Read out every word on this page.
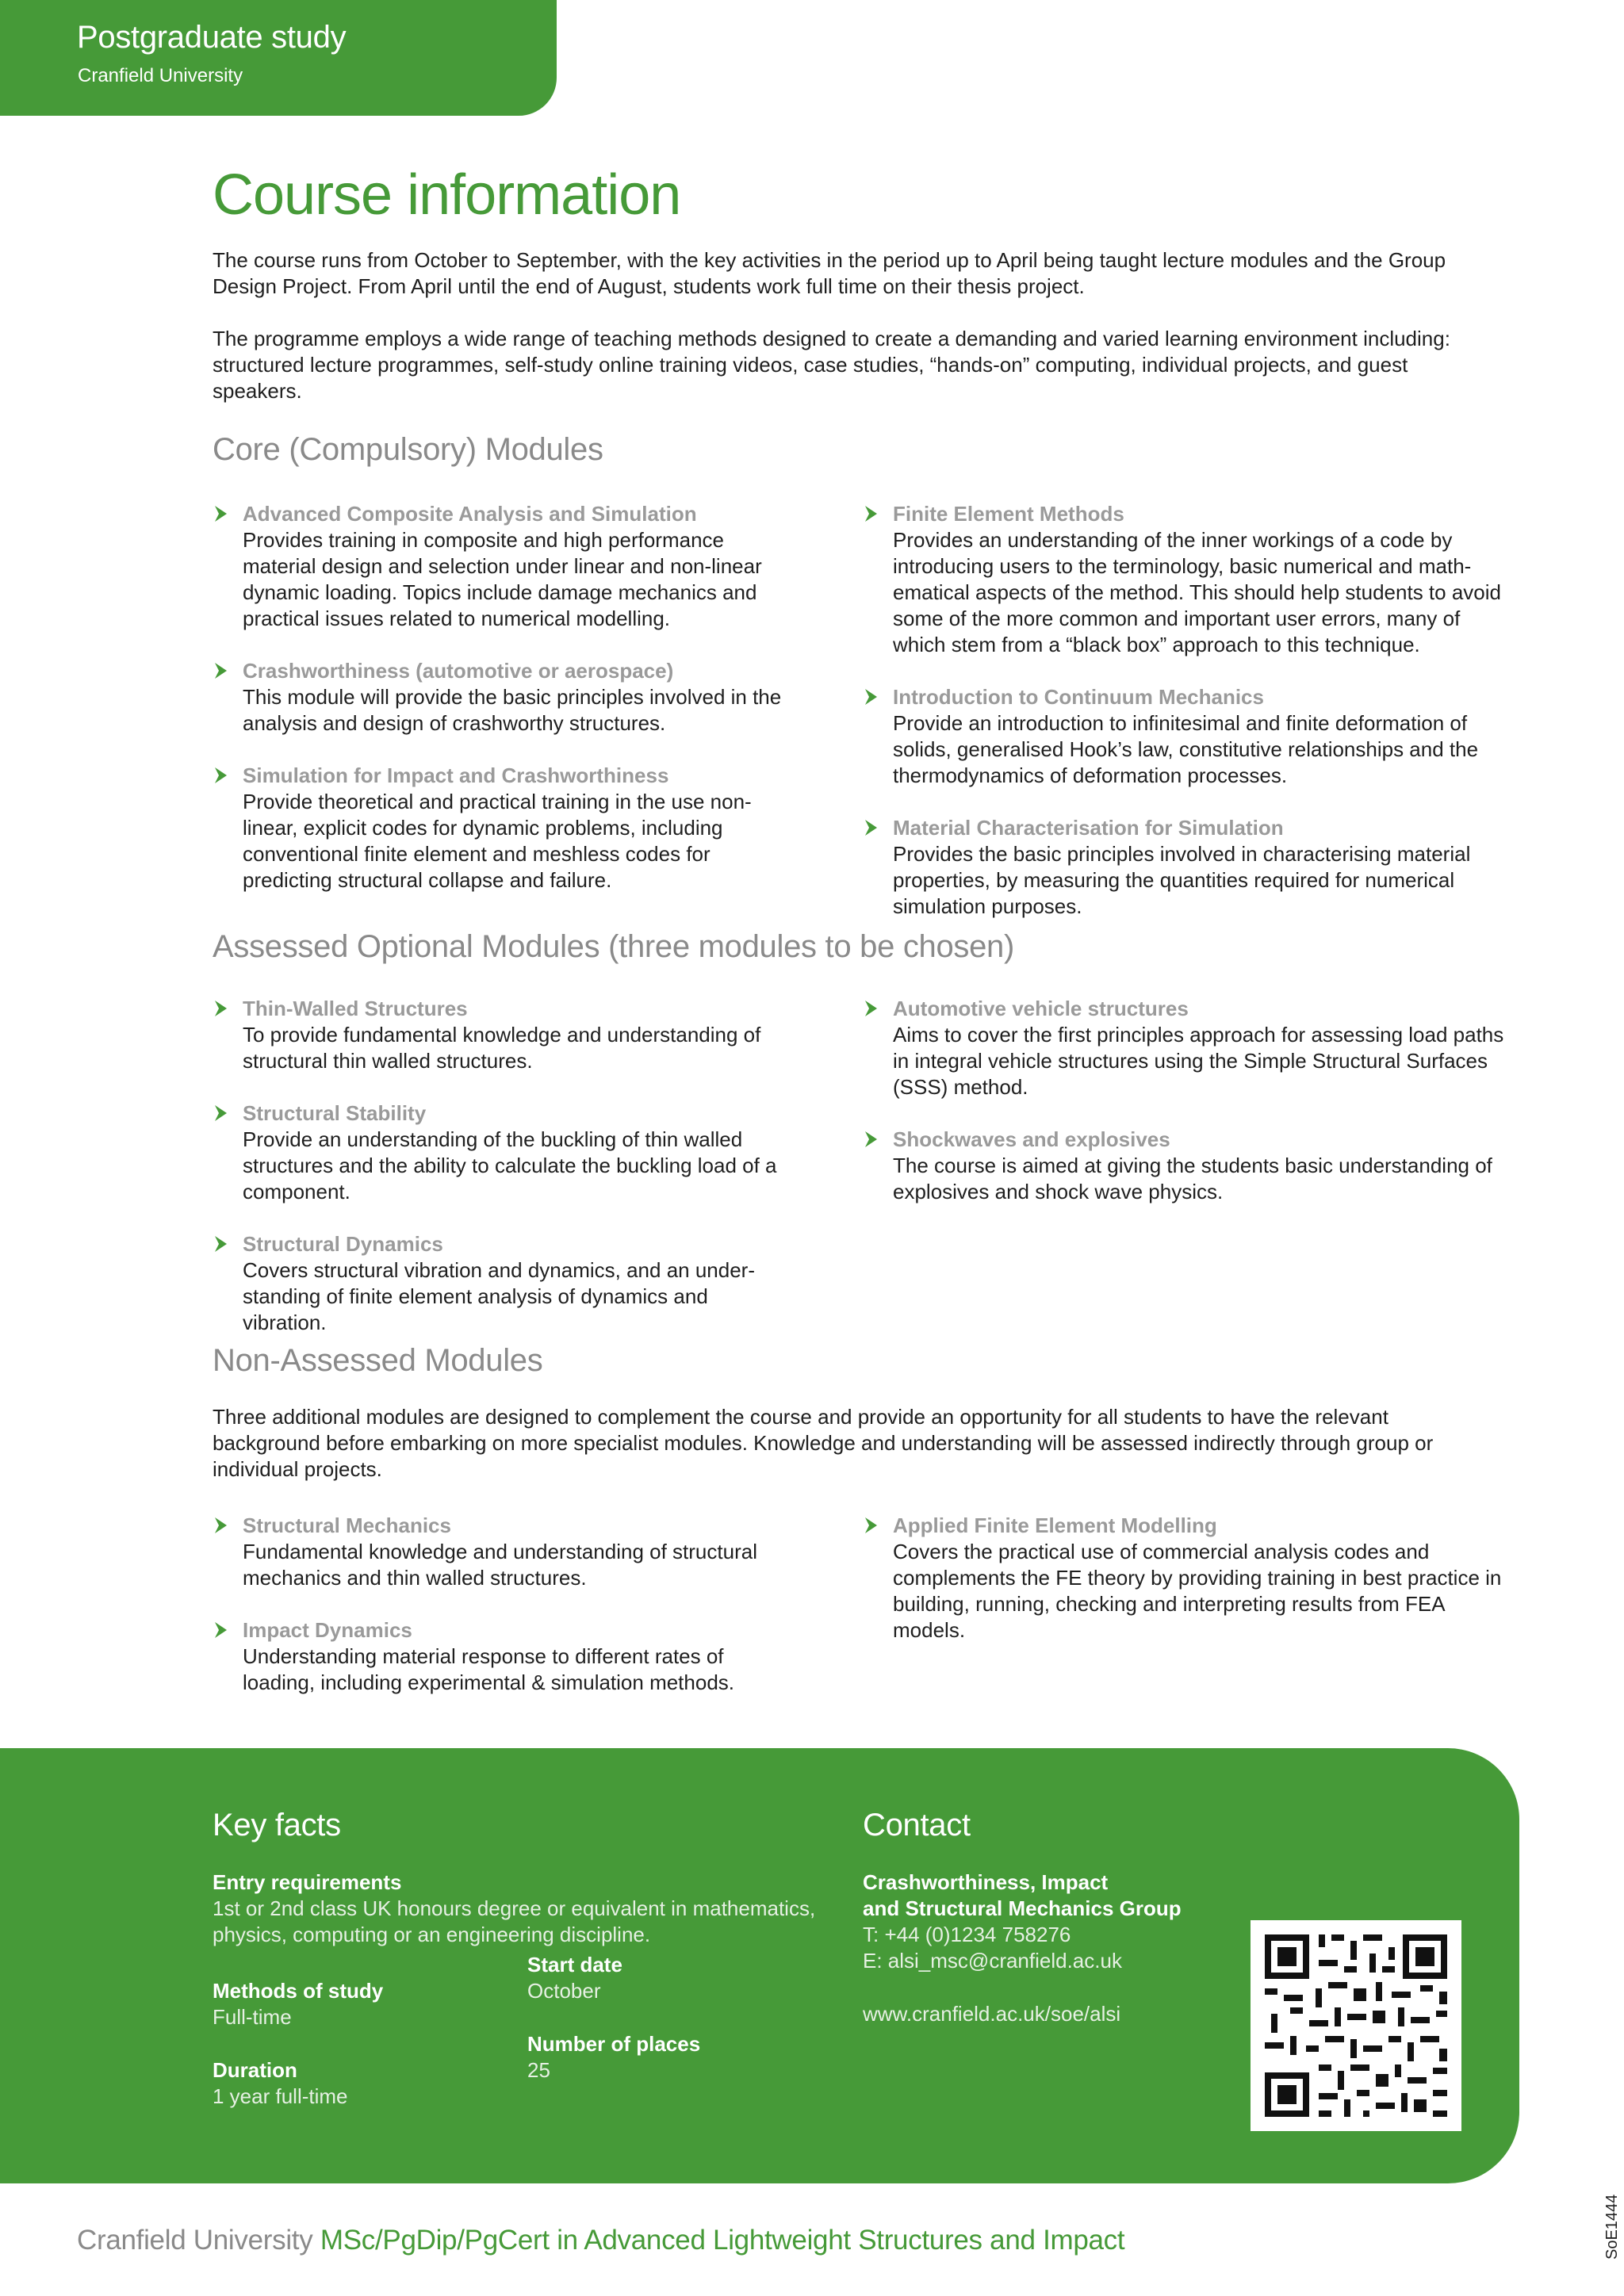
Postgraduate study
Cranfield University
Course information

The course runs from October to September, with the key activities in the period up to April being taught lecture modules and the Group Design Project. From April until the end of August, students work full time on their thesis project.

The programme employs a wide range of teaching methods designed to create a demanding and varied learning environment including: structured lecture programmes, self-study online training videos, case studies, “hands-on” computing, individual projects, and guest speakers.

Core (Compulsory) Modules
Advanced Composite Analysis and Simulation
Provides training in composite and high performance material design and selection under linear and non-linear dynamic loading. Topics include damage mechanics and practical issues related to numerical modelling.
Crashworthiness (automotive or aerospace)
This module will provide the basic principles involved in the analysis and design of crashworthy structures.
Simulation for Impact and Crashworthiness
Provide theoretical and practical training in the use non-linear, explicit codes for dynamic problems, including conventional finite element and meshless codes for predicting structural collapse and failure.
Finite Element Methods
Provides an understanding of the inner workings of a code by introducing users to the terminology, basic numerical and math-ematical aspects of the method. This should help students to avoid some of the more common and important user errors, many of which stem from a “black box” approach to this technique.
Introduction to Continuum Mechanics
Provide an introduction to infinitesimal and finite deformation of solids, generalised Hook’s law, constitutive relationships and the thermodynamics of deformation processes.
Material Characterisation for Simulation
Provides the basic principles involved in characterising material properties, by measuring the quantities required for numerical simulation purposes.
Assessed Optional Modules (three modules to be chosen)
Thin-Walled Structures
To provide fundamental knowledge and understanding of structural thin walled structures.
Structural Stability
Provide an understanding of the buckling of thin walled structures and the ability to calculate the buckling load of a component.
Structural Dynamics
Covers structural vibration and dynamics, and an under-standing of finite element analysis of dynamics and vibration.
Automotive vehicle structures
Aims to cover the first principles approach for assessing load paths in integral vehicle structures using the Simple Structural Surfaces (SSS) method.
Shockwaves and explosives
The course is aimed at giving the students basic understanding of explosives and shock wave physics.
Non-Assessed Modules

Three additional modules are designed to complement the course and provide an opportunity for all students to have the relevant background before embarking on more specialist modules. Knowledge and understanding will be assessed indirectly through group or individual projects.

Structural Mechanics
Fundamental knowledge and understanding of structural mechanics and thin walled structures.
Impact Dynamics
Understanding material response to different rates of loading, including experimental & simulation methods.
Applied Finite Element Modelling
Covers the practical use of commercial analysis codes and complements the FE theory by providing training in best practice in building, running, checking and interpreting results from FEA models.
Key facts
Entry requirements
1st or 2nd class UK honours degree or equivalent in mathematics, physics, computing or an engineering discipline.
Methods of study
Full-time
Duration
1 year full-time
Start date
October
Number of places
25
Contact
Crashworthiness, Impact
and Structural Mechanics Group
T: +44 (0)1234 758276
E: alsi_msc@cranfield.ac.uk
www.cranfield.ac.uk/soe/alsi
Cranfield University MSc/PgDip/PgCert in Advanced Lightweight Structures and Impact	SoE1444
